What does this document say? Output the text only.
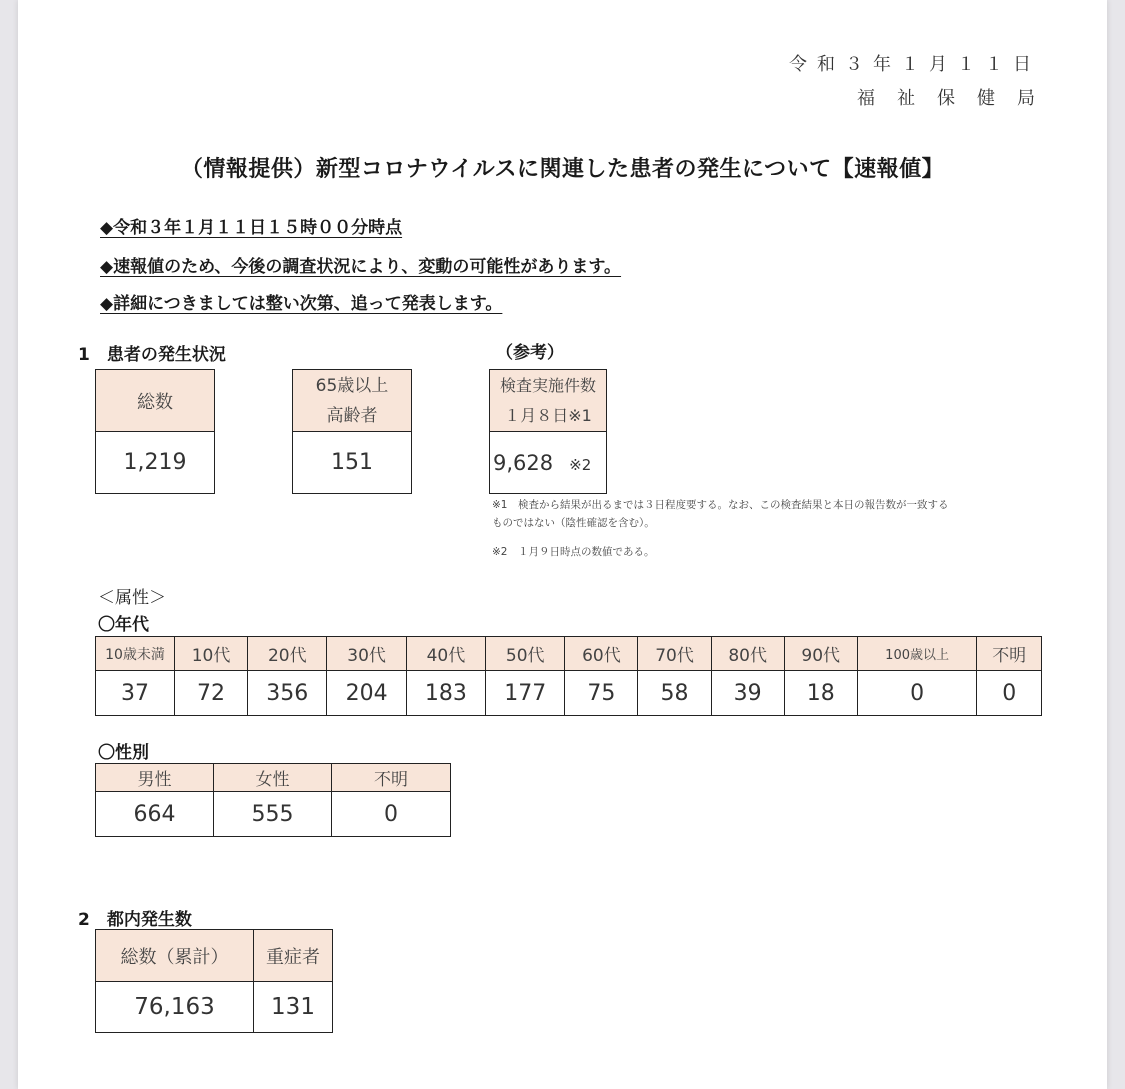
令和３年１月１１日
福祉保健局
（情報提供）新型コロナウイルスに関連した患者の発生について【速報値】
◆令和３年１月１１日１５時００分時点
◆速報値のため、今後の調査状況により、変動の可能性があります。
◆詳細につきましては整い次第、追って発表します。
1　患者の発生状況	（参考）
総数
1,219
65歳以上
高齢者

151
検査実施件数
１月８日※1

9,628 ※2
※1　検査から結果が出るまでは３日程度要する。なお、この検査結果と本日の報告数が一致する
ものではない（陰性確認を含む）。
※2　１月９日時点の数値である。
＜属性＞
〇年代
10歳未満	10代	20代	30代	40代	50代	60代	70代	80代	90代	100歳以上	不明
37	72	356	204	183	177	75	58	39	18	0	0
〇性別
男性	女性	不明
664	555	0
2　都内発生数
総数（累計）	重症者
76,163	131
